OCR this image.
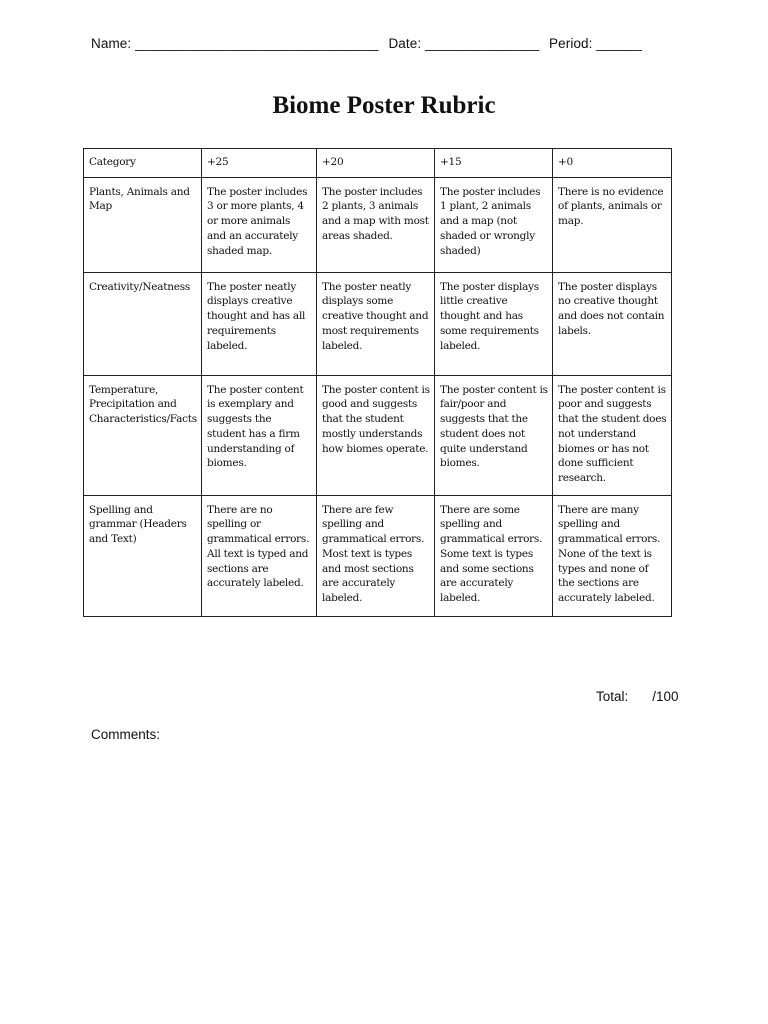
Name: ________________________________ Date: _______________ Period: ______
Biome Poster Rubric
Category	+25	+20	+15	+0
Plants, Animals and Map	The poster includes 3 or more plants, 4 or more animals and an accurately shaded map.	The poster includes 2 plants, 3 animals and a map with most areas shaded.	The poster includes 1 plant, 2 animals and a map (not shaded or wrongly shaded)	There is no evidence of plants, animals or map.
Creativity/Neatness	The poster neatly displays creative thought and has all requirements labeled.	The poster neatly displays some creative thought and most requirements labeled.	The poster displays little creative thought and has some requirements labeled.	The poster displays no creative thought and does not contain labels.
Temperature, Precipitation and Characteristics/Facts	The poster content is exemplary and suggests the student has a firm understanding of biomes.	The poster content is good and suggests that the student mostly understands how biomes operate.	The poster content is fair/poor and suggests that the student does not quite understand biomes.	The poster content is poor and suggests that the student does not understand biomes or has not done sufficient research.
Spelling and grammar (Headers and Text)	There are no spelling or grammatical errors. All text is typed and sections are accurately labeled.	There are few spelling and grammatical errors. Most text is types and most sections are accurately labeled.	There are some spelling and grammatical errors. Some text is types and some sections are accurately labeled.	There are many spelling and grammatical errors. None of the text is types and none of the sections are accurately labeled.
Total: /100
Comments:
